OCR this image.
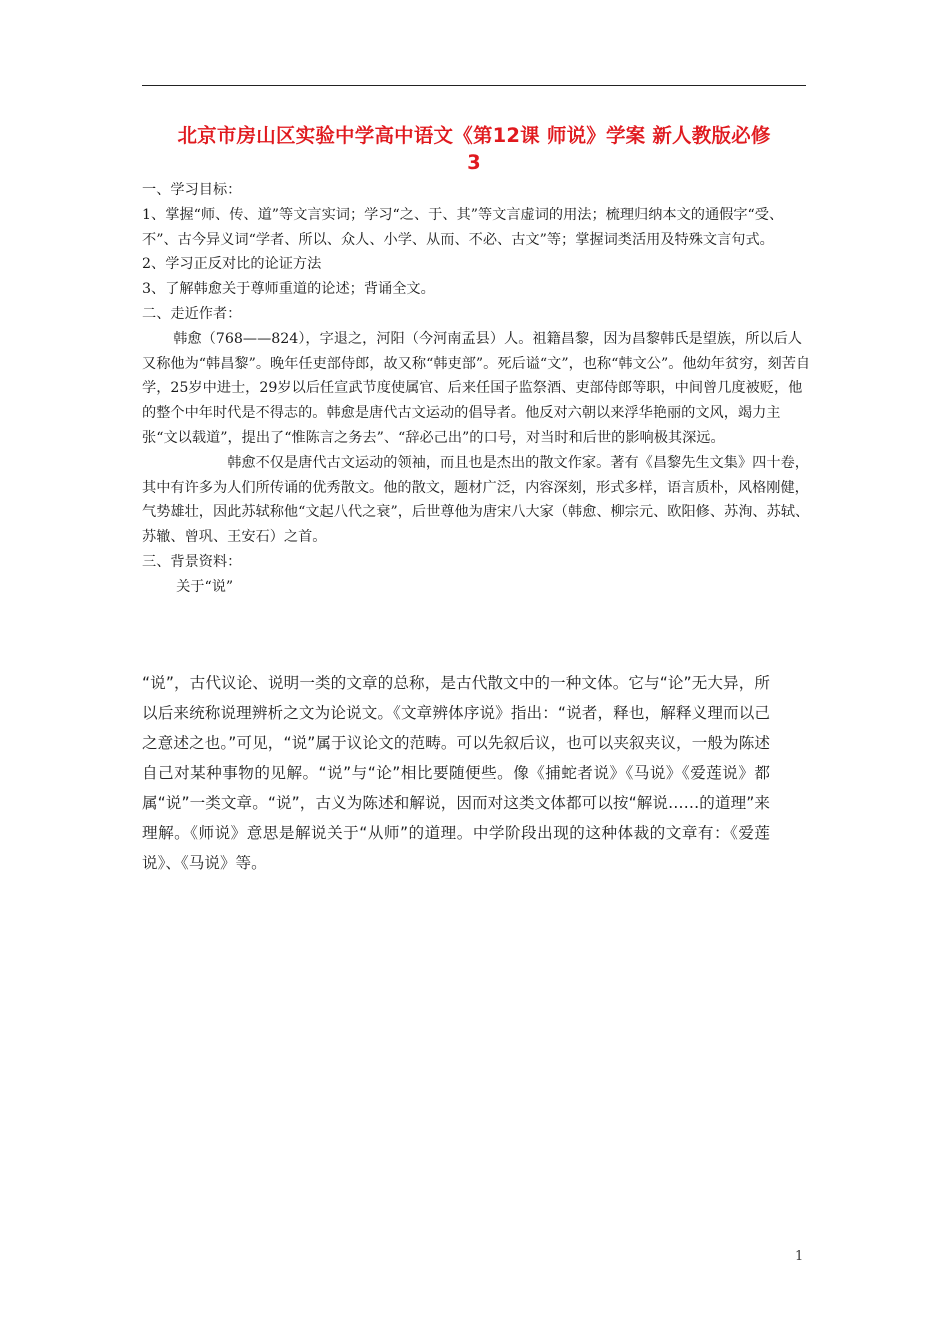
北京市房山区实验中学高中语文《第12课 师说》学案 新人教版必修
3

一、学习目标：

1、掌握“师、传、道”等文言实词；学习“之、于、其”等文言虚词的用法；梳理归纳本文的通假字“受、不”、古今异义词“学者、所以、众人、小学、从而、不必、古文”等；掌握词类活用及特殊文言句式。

2、学习正反对比的论证方法

3、了解韩愈关于尊师重道的论述；背诵全文。

二、走近作者：

韩愈（768——824），字退之，河阳（今河南孟县）人。祖籍昌黎，因为昌黎韩氏是望族，所以后人又称他为“韩昌黎”。晚年任吏部侍郎，故又称“韩吏部”。死后谥“文”，也称“韩文公”。他幼年贫穷，刻苦自学，25岁中进士，29岁以后任宣武节度使属官、后来任国子监祭酒、吏部侍郎等职，中间曾几度被贬，他的整个中年时代是不得志的。韩愈是唐代古文运动的倡导者。他反对六朝以来浮华艳丽的文风，竭力主张“文以载道”，提出了“惟陈言之务去”、“辞必己出”的口号，对当时和后世的影响极其深远。

韩愈不仅是唐代古文运动的领袖，而且也是杰出的散文作家。著有《昌黎先生文集》四十卷，其中有许多为人们所传诵的优秀散文。他的散文，题材广泛，内容深刻，形式多样，语言质朴，风格刚健，气势雄壮，因此苏轼称他“文起八代之衰”，后世尊他为唐宋八大家（韩愈、柳宗元、欧阳修、苏洵、苏轼、苏辙、曾巩、王安石）之首。

三、背景资料：

关于“说”

“说”，古代议论、说明一类的文章的总称，是古代散文中的一种文体。它与“论”无大异，所以后来统称说理辨析之文为论说文。《文章辨体序说》指出：“说者，释也，解释义理而以己之意述之也。”可见，“说”属于议论文的范畴。可以先叙后议，也可以夹叙夹议，一般为陈述自己对某种事物的见解。“说”与“论”相比要随便些。像《捕蛇者说》《马说》《爱莲说》都属“说”一类文章。“说”，古义为陈述和解说，因而对这类文体都可以按“解说……的道理”来理解。《师说》意思是解说关于“从师”的道理。中学阶段出现的这种体裁的文章有：《爱莲说》、《马说》等。

1
